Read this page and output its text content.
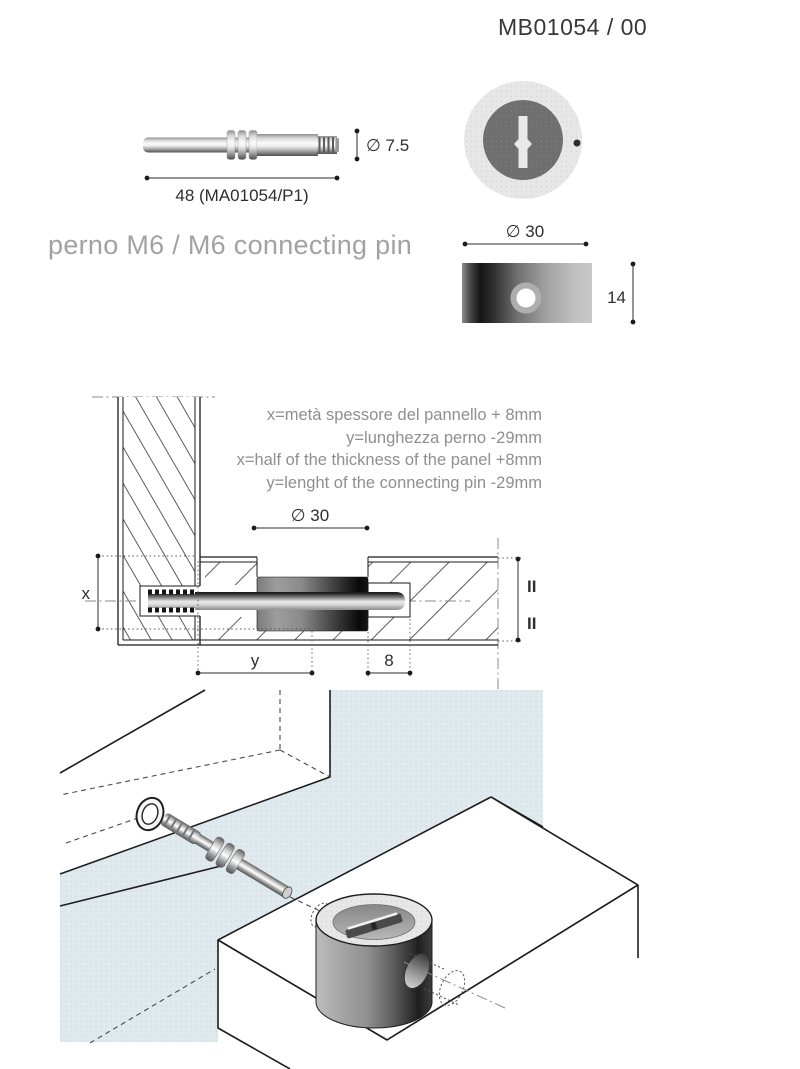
MB01054 / 00
perno M6 / M6 connecting pin
x=metà spessore del pannello + 8mm
y=lunghezza perno -29mm
x=half of the thickness of the panel +8mm
y=lenght of the connecting pin -29mm
∅ 7.5
48 (MA01054/P1)
∅ 30
14
∅ 30
x
y	8
II
II
